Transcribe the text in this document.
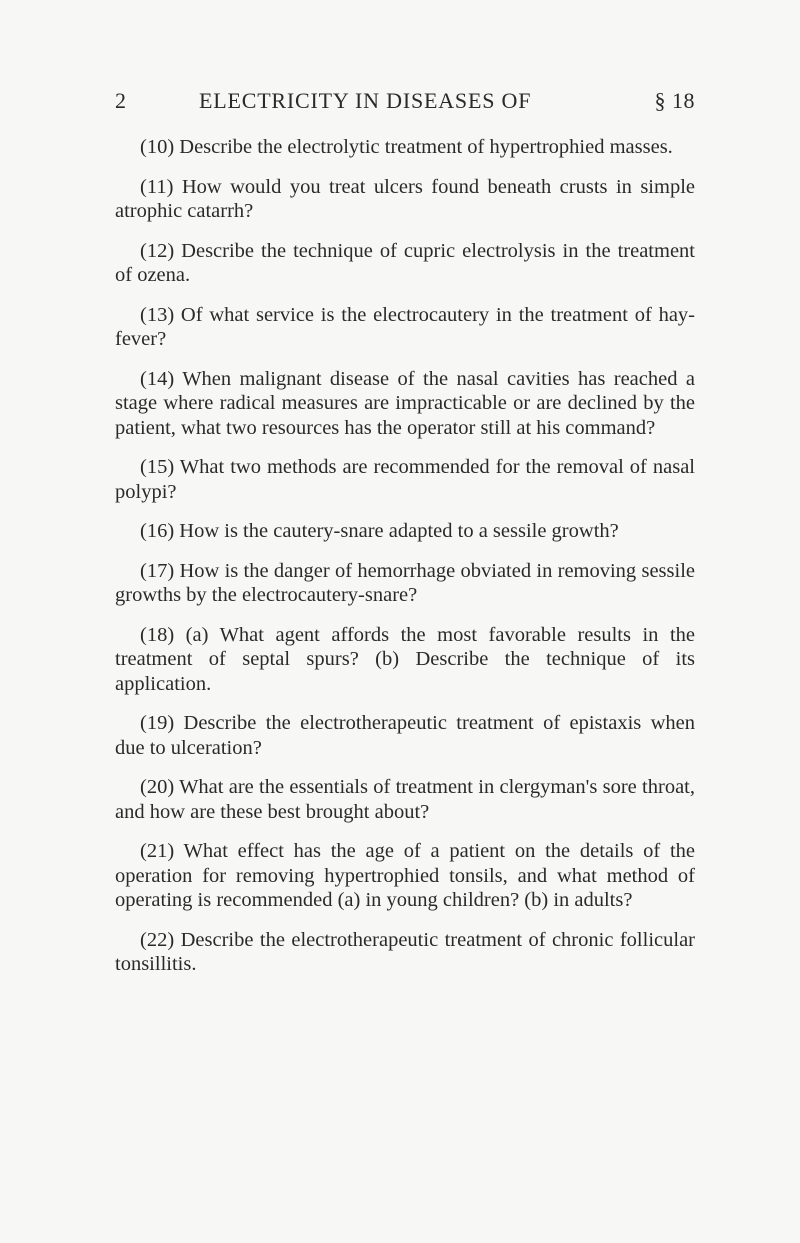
2	ELECTRICITY IN DISEASES OF	§ 18

(10) Describe the electrolytic treatment of hypertrophied masses.

(11) How would you treat ulcers found beneath crusts in simple atrophic catarrh?

(12) Describe the technique of cupric electrolysis in the treatment of ozena.

(13) Of what service is the electrocautery in the treatment of hay-fever?

(14) When malignant disease of the nasal cavities has reached a stage where radical measures are impracticable or are declined by the patient, what two resources has the operator still at his command?

(15) What two methods are recommended for the removal of nasal polypi?

(16) How is the cautery-snare adapted to a sessile growth?

(17) How is the danger of hemorrhage obviated in removing sessile growths by the electrocautery-snare?

(18) (a) What agent affords the most favorable results in the treatment of septal spurs? (b) Describe the technique of its application.

(19) Describe the electrotherapeutic treatment of epistaxis when due to ulceration?

(20) What are the essentials of treatment in clergyman's sore throat, and how are these best brought about?

(21) What effect has the age of a patient on the details of the operation for removing hypertrophied tonsils, and what method of operating is recommended (a) in young children? (b) in adults?

(22) Describe the electrotherapeutic treatment of chronic follicular tonsillitis.
